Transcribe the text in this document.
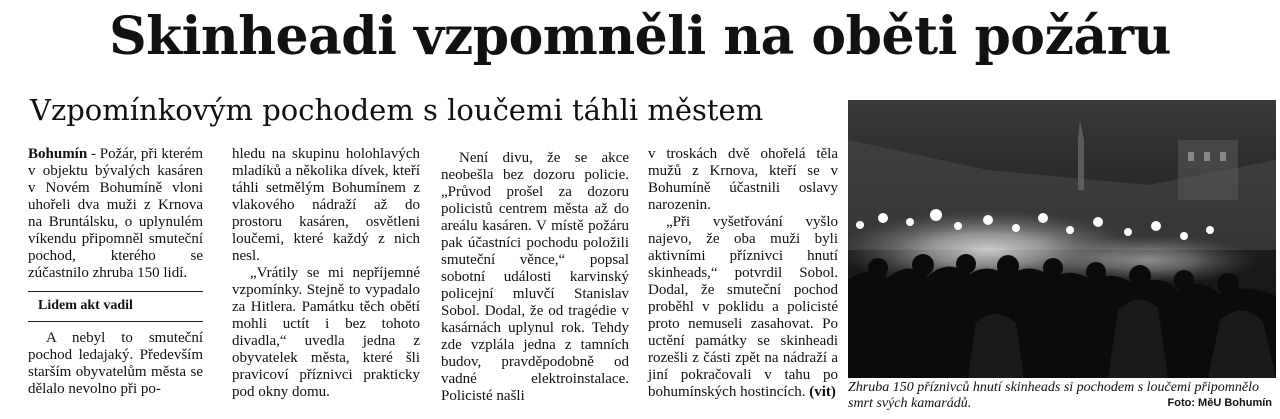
Skinheadi vzpomněli na oběti požáru
Vzpomínkovým pochodem s loučemi táhli městem

Bohumín - Požár, při kterém v objektu bývalých kasáren v Novém Bohumíně vloni uhořeli dva muži z Krnova na Bruntálsku, o uplynulém víkendu připomněl smuteční pochod, kterého se zúčastnilo zhruba 150 lidí.

Lidem akt vadil

A nebyl to smuteční pochod ledajaký. Především starším obyvatelům města se dělalo nevolno při po-

hledu na skupinu holohlavých mladíků a několika dívek, kteří táhli setmělým Bohumínem z vlakového nádraží až do prostoru kasáren, osvětleni loučemi, které každý z nich nesl.

„Vrátily se mi nepříjemné vzpomínky. Stejně to vypadalo za Hitlera. Památku těch obětí mohli uctít i bez tohoto divadla,“ uvedla jedna z obyvatelek města, které šli pravicoví příznivci prakticky pod okny domu.

Není divu, že se akce neobešla bez dozoru policie. „Průvod prošel za dozoru policistů centrem města až do areálu kasáren. V místě požáru pak účastníci pochodu položili smuteční věnce,“ popsal sobotní události karvinský policejní mluvčí Stanislav Sobol. Dodal, že od tragédie v kasárnách uplynul rok. Tehdy zde vzplála jedna z tamních budov, pravděpodobně od vadné elektroinstalace. Policisté našli

v troskách dvě ohořelá těla mužů z Krnova, kteří se v Bohumíně účastnili oslavy narozenin.

„Při vyšetřování vyšlo najevo, že oba muži byli aktivními příznivci hnutí skinheads,“ potvrdil Sobol. Dodal, že smuteční pochod proběhl v poklidu a policisté proto nemuseli zasahovat. Po uctění památky se skinheadi rozešli z části zpět na nádraží a jiní pokračovali v tahu po bohumínských hostincích. (vit) Zhruba 150 příznivců hnutí skinheads si pochodem s loučemi připomnělo smrt svých kamarádů.	Foto: MěU Bohumín
